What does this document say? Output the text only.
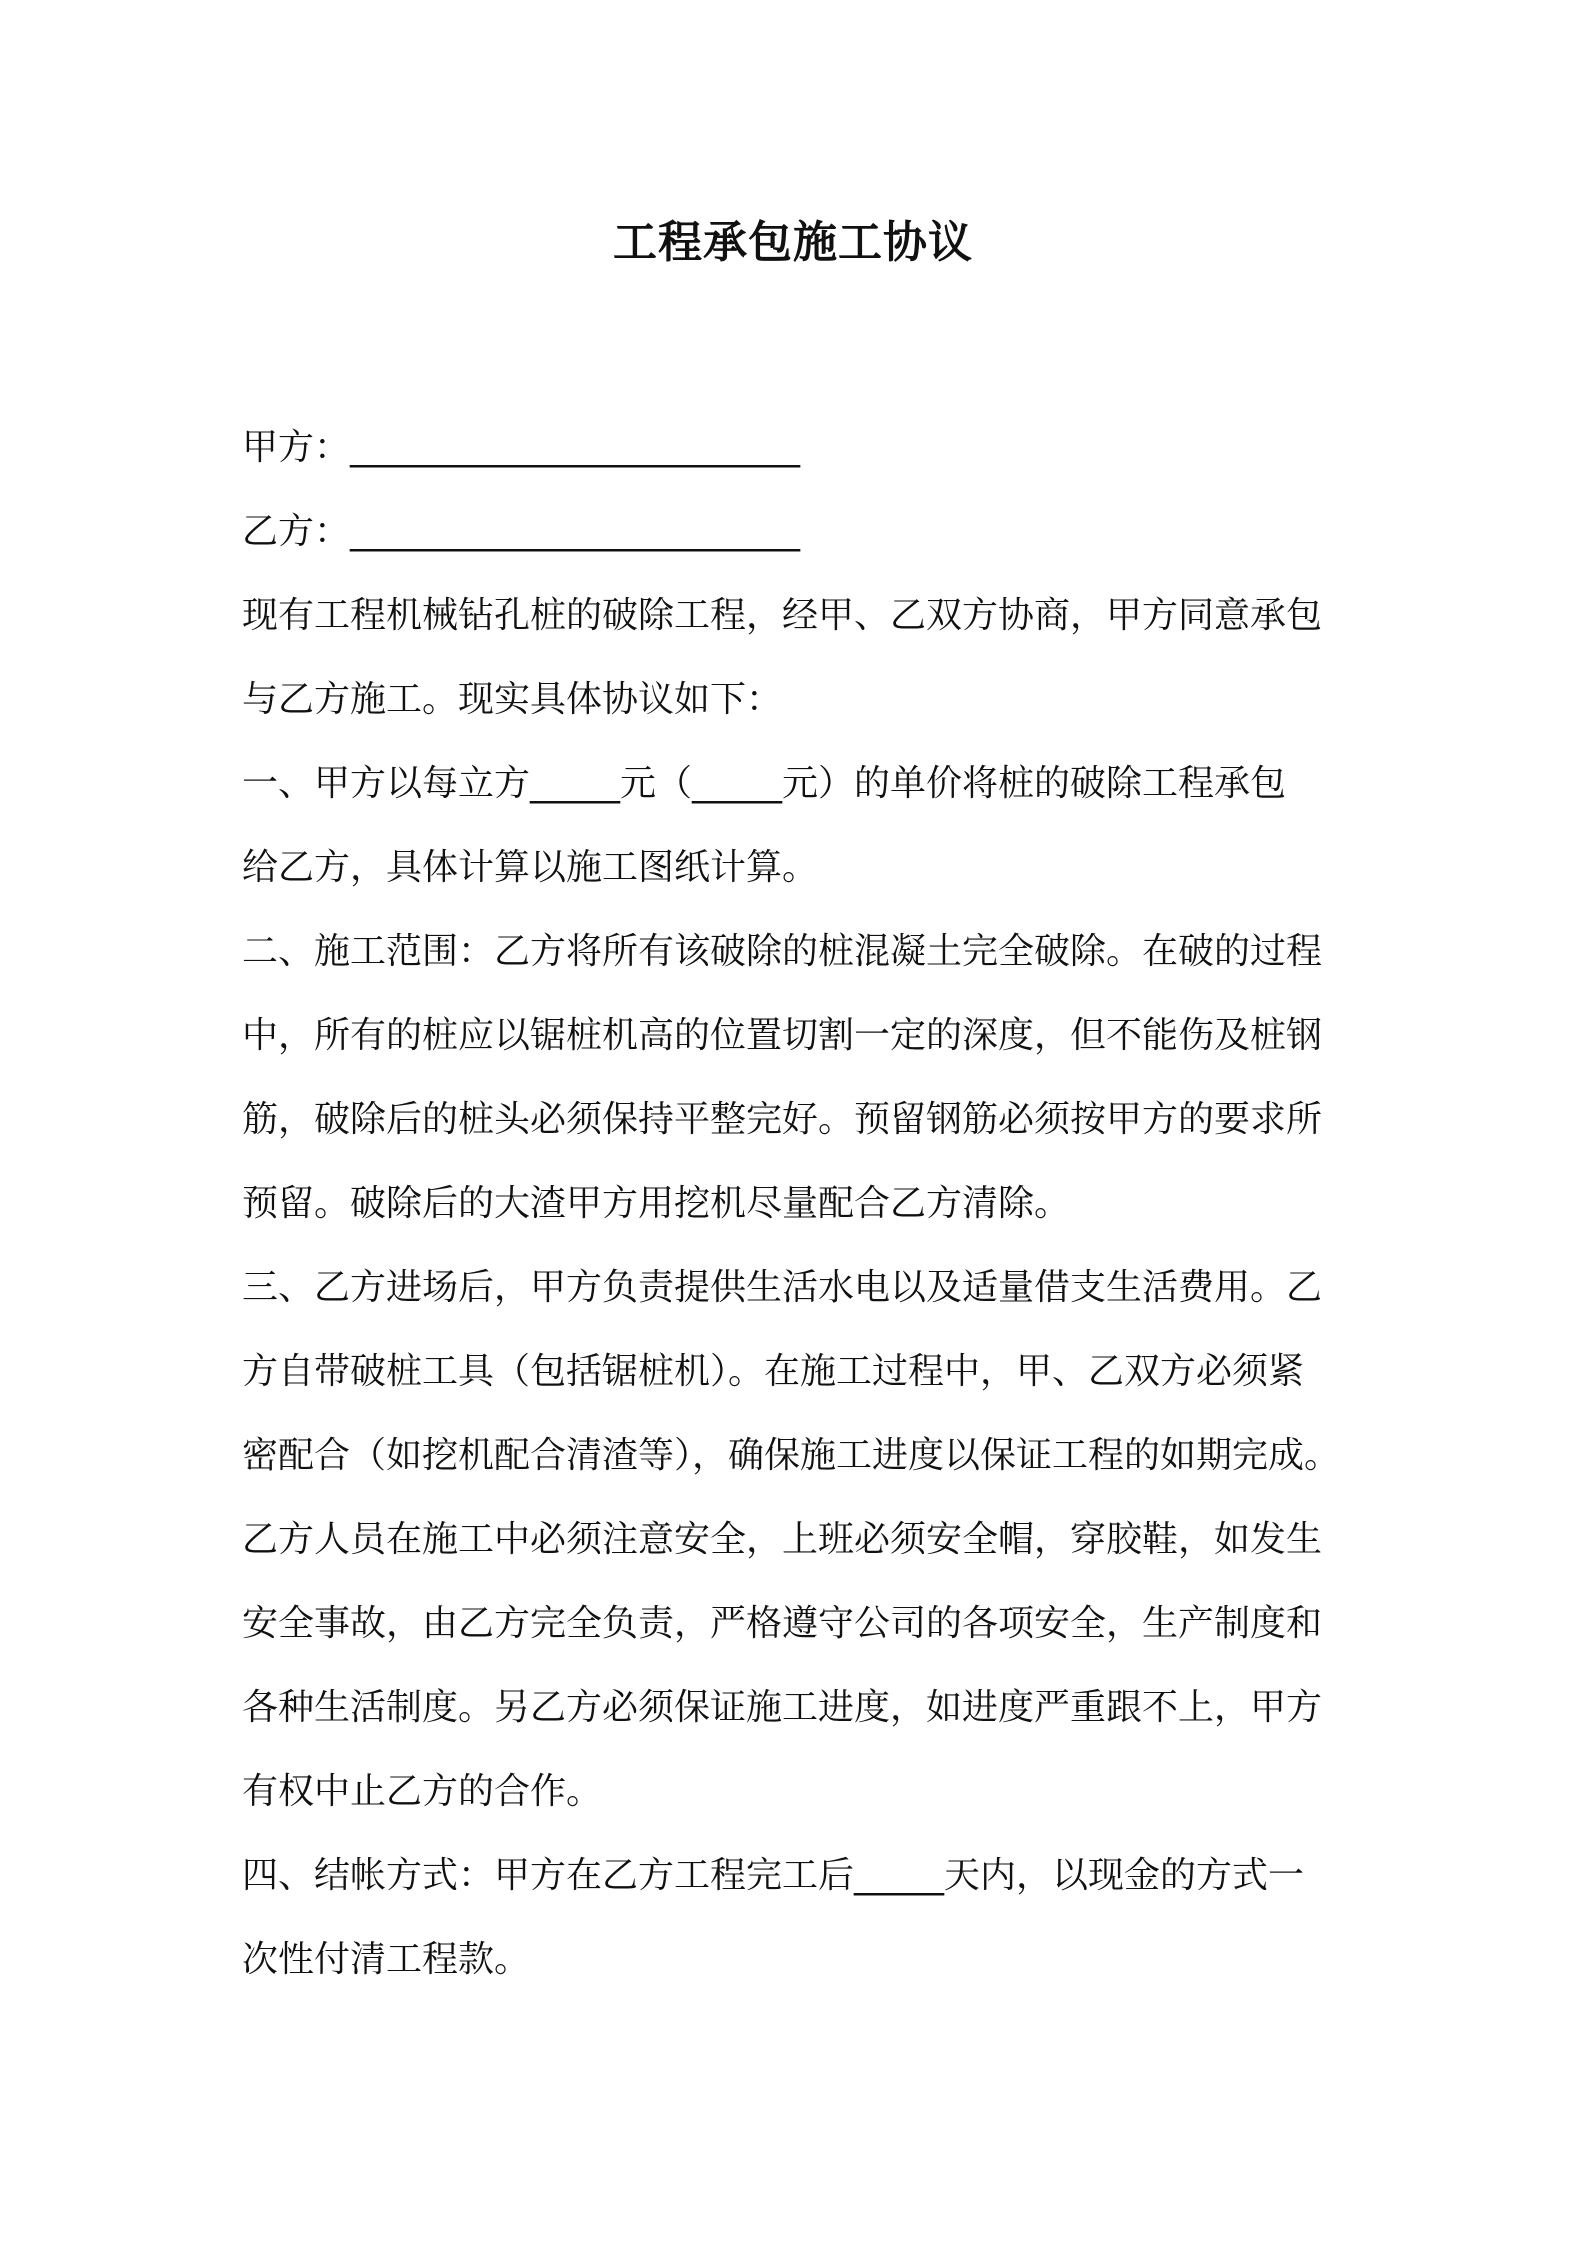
工程承包施工协议
甲方：_________________________
乙方：_________________________
现有工程机械钻孔桩的破除工程，经甲、乙双方协商，甲方同意承包
与乙方施工。现实具体协议如下：
一、甲方以每立方_____元（_____元）的单价将桩的破除工程承包
给乙方，具体计算以施工图纸计算。
二、施工范围：乙方将所有该破除的桩混凝土完全破除。在破的过程
中，所有的桩应以锯桩机高的位置切割一定的深度，但不能伤及桩钢
筋，破除后的桩头必须保持平整完好。预留钢筋必须按甲方的要求所
预留。破除后的大渣甲方用挖机尽量配合乙方清除。
三、乙方进场后，甲方负责提供生活水电以及适量借支生活费用。乙
方自带破桩工具（包括锯桩机）。在施工过程中，甲、乙双方必须紧
密配合（如挖机配合清渣等），确保施工进度以保证工程的如期完成。
乙方人员在施工中必须注意安全，上班必须安全帽，穿胶鞋，如发生
安全事故，由乙方完全负责，严格遵守公司的各项安全，生产制度和
各种生活制度。另乙方必须保证施工进度，如进度严重跟不上，甲方
有权中止乙方的合作。
四、结帐方式：甲方在乙方工程完工后_____天内，以现金的方式一
次性付清工程款。
